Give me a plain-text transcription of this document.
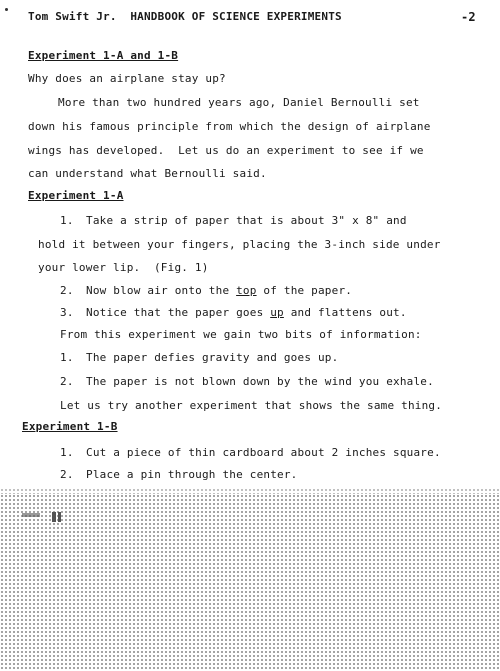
Tom Swift Jr.  HANDBOOK OF SCIENCE EXPERIMENTS	-2
Experiment 1-A and 1-B
Why does an airplane stay up?
More than two hundred years ago, Daniel Bernoulli set
down his famous principle from which the design of airplane
wings has developed.  Let us do an experiment to see if we
can understand what Bernoulli said.
Experiment 1-A
1. Take a strip of paper that is about 3" x 8" and
hold it between your fingers, placing the 3-inch side under
your lower lip.  (Fig. 1)
2. Now blow air onto the top of the paper.
3. Notice that the paper goes up and flattens out.
From this experiment we gain two bits of information:
1. The paper defies gravity and goes up.
2. The paper is not blown down by the wind you exhale.
Let us try another experiment that shows the same thing.
Experiment 1-B
1. Cut a piece of thin cardboard about 2 inches square.
2. Place a pin through the center.
